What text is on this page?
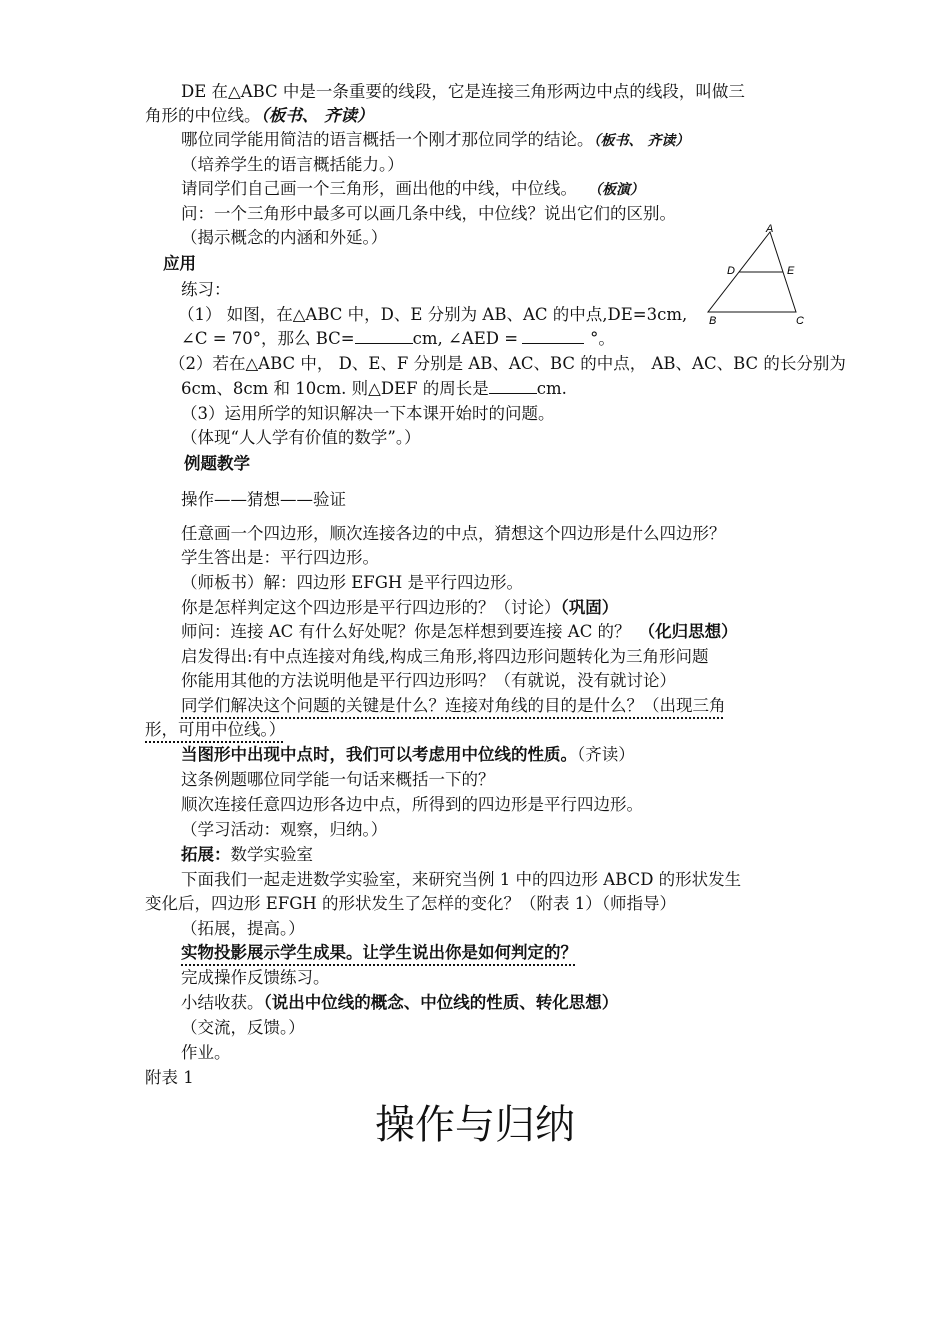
DE 在△ABC 中是一条重要的线段，它是连接三角形两边中点的线段，叫做三
角形的中位线。（板书、 齐读）
哪位同学能用简洁的语言概括一个刚才那位同学的结论。（板书、 齐读）
（培养学生的语言概括能力。）
请同学们自己画一个三角形，画出他的中线，中位线。 （板演）
问：一个三角形中最多可以画几条中线，中位线？说出它们的区别。
（揭示概念的内涵和外延。）
应用
练习：
（1） 如图，在△ABC 中，D、E 分别为 AB、AC 的中点,DE=3cm,
∠C = 70°，那么 BC=	cm, ∠AED =	°。
（2）若在△ABC 中， D、E、F 分别是 AB、AC、BC 的中点， AB、AC、BC 的长分别为
6cm、8cm 和 10cm. 则△DEF 的周长是	cm.
（3）运用所学的知识解决一下本课开始时的问题。
（体现“人人学有价值的数学”。）
例题教学
操作——猜想——验证
任意画一个四边形，顺次连接各边的中点，猜想这个四边形是什么四边形？
学生答出是：平行四边形。
（师板书）解：四边形 EFGH 是平行四边形。
你是怎样判定这个四边形是平行四边形的？（讨论）（巩固）
师问：连接 AC 有什么好处呢？你是怎样想到要连接 AC 的？ （化归思想）
启发得出:有中点连接对角线,构成三角形,将四边形问题转化为三角形问题
你能用其他的方法说明他是平行四边形吗？（有就说，没有就讨论）
同学们解决这个问题的关键是什么？连接对角线的目的是什么？（出现三角
形，可用中位线。）
当图形中出现中点时，我们可以考虑用中位线的性质。（齐读）
这条例题哪位同学能一句话来概括一下的？
顺次连接任意四边形各边中点，所得到的四边形是平行四边形。
（学习活动：观察，归纳。）
拓展：数学实验室
下面我们一起走进数学实验室，来研究当例 1 中的四边形 ABCD 的形状发生
变化后，四边形 EFGH 的形状发生了怎样的变化？（附表 1）（师指导）
（拓展，提高。）
实物投影展示学生成果。让学生说出你是如何判定的？
完成操作反馈练习。
小结收获。（说出中位线的概念、中位线的性质、转化思想）
（交流，反馈。）
作业。
附表 1
操作与归纳
A
D	E
B	C
